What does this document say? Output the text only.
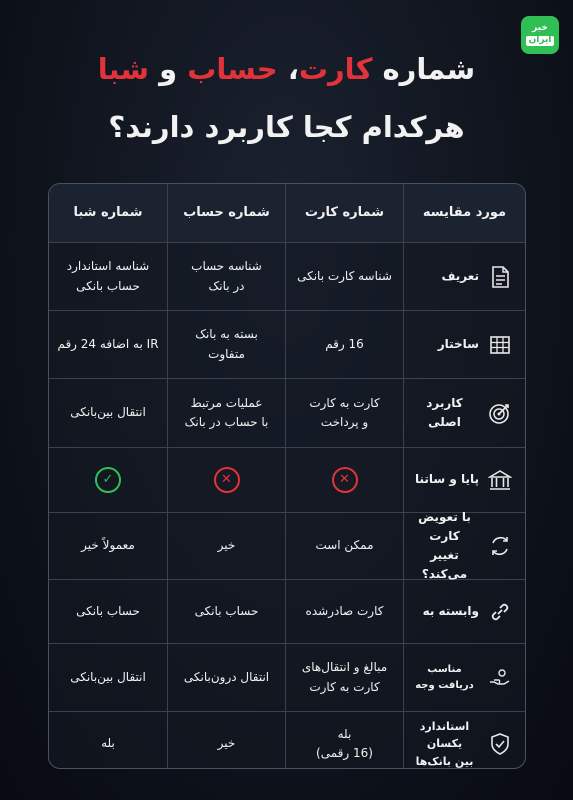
خبر
ایران
شماره کارت، حساب و شبا
هرکدام کجا کاربرد دارند؟
مورد مقایسه
شماره کارت
شماره حساب
شماره شبا
تعریف
شناسه کارت بانکی
شناسه حساب
در بانک
شناسه استاندارد
حساب بانکی
ساختار
16 رقم
بسته به بانک
متفاوت
IR به اضافه 24 رقم
کاربرد اصلی
کارت به کارت
و پرداخت
عملیات مرتبط
با حساب در بانک
انتقال بین‌بانکی
پایا و ساتنا
✕
✕
✓
با تعویض کارت
تغییر می‌کند؟
ممکن است
خیر
معمولاً خیر
وابسته به
کارت صادرشده
حساب بانکی
حساب بانکی
مناسب دریافت وجه
مبالغ و انتقال‌های
کارت به کارت
انتقال درون‌بانکی
انتقال بین‌بانکی
استاندارد یکسان
بین بانک‌ها
بله
(16 رقمی)
خیر
بله
